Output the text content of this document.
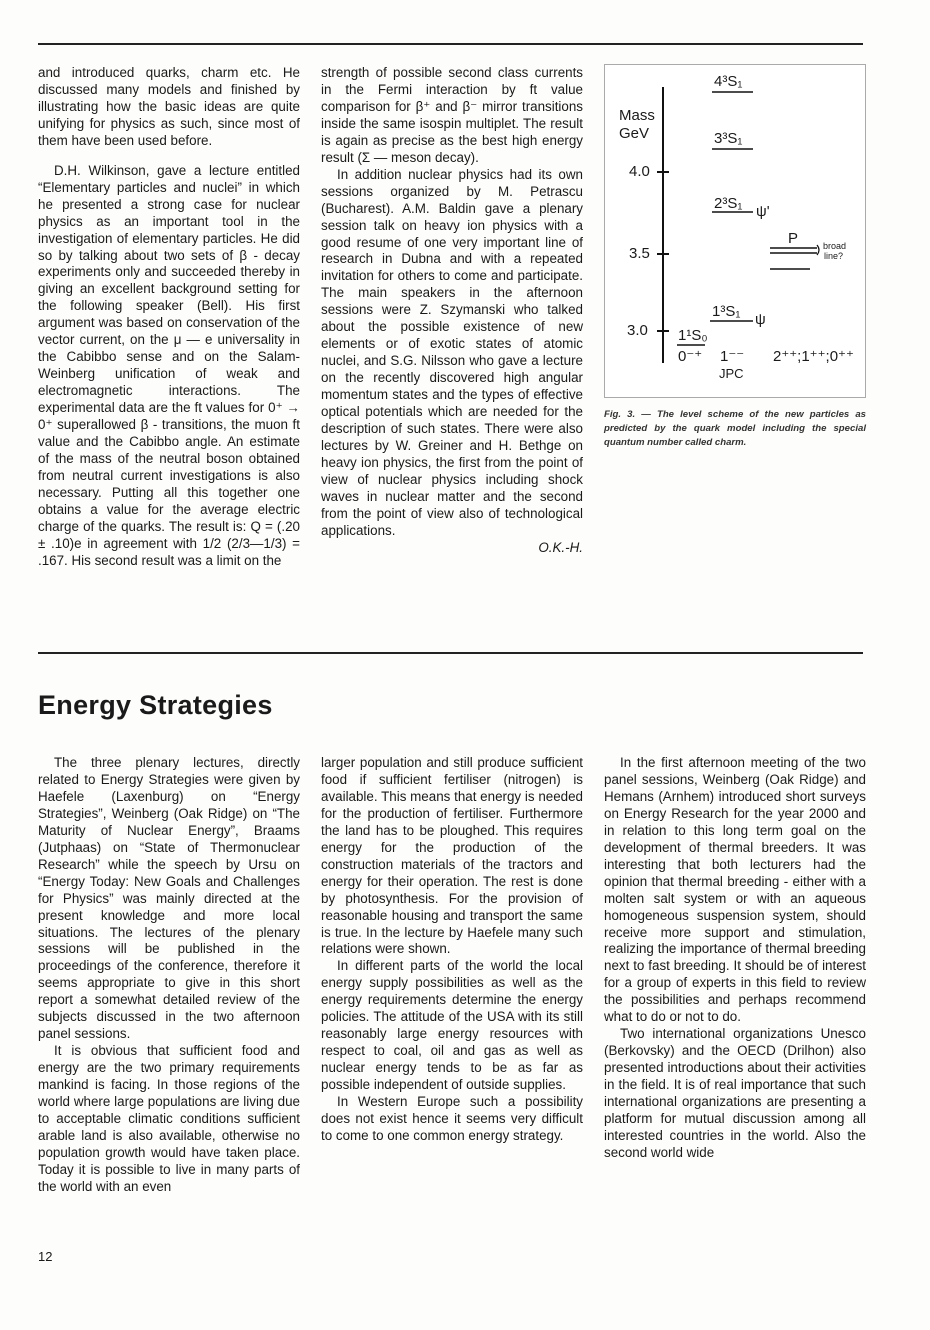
and introduced quarks, charm etc. He discussed many models and finished by illustrating how the basic ideas are quite unifying for physics as such, since most of them have been used before.

D.H. Wilkinson, gave a lecture entitled “Elementary particles and nuclei” in which he presented a strong case for nuclear physics as an important tool in the investigation of elementary particles. He did so by talking about two sets of β - decay experiments only and succeeded thereby in giving an excellent background setting for the following speaker (Bell). His first argument was based on conservation of the vector current, on the μ — e universality in the Cabibbo sense and on the Salam-Weinberg unification of weak and electromagnetic interactions. The experimental data are the ft values for 0⁺ → 0⁺ superallowed β - transitions, the muon ft value and the Cabibbo angle. An estimate of the mass of the neutral boson obtained from neutral current investigations is also necessary. Putting all this together one obtains a value for the average electric charge of the quarks. The result is: Q = (.20 ± .10)e in agreement with 1/2 (2/3—1/3) = .167. His second result was a limit on the

strength of possible second class currents in the Fermi interaction by ft value comparison for β⁺ and β⁻ mirror transitions inside the same isospin multiplet. The result is again as precise as the best high energy result (Σ — meson decay).

In addition nuclear physics had its own sessions organized by M. Petrascu (Bucharest). A.M. Baldin gave a plenary session talk on heavy ion physics with a good resume of one very important line of research in Dubna and with a repeated invitation for others to come and participate. The main speakers in the afternoon sessions were Z. Szymanski who talked about the possible existence of new elements or of exotic states of atomic nuclei, and S.G. Nilsson who gave a lecture on the recently discovered high angular momentum states and the types of effective optical potentials which are needed for the description of such states. There were also lectures by W. Greiner and H. Bethge on heavy ion physics, the first from the point of view of nuclear physics including shock waves in nuclear matter and the second from the point of view also of technological applications.

O.K.-H.

Mass
GeV
4.0
3.5
3.0
4³S₁
3³S₁
2³S₁ ψ'
P	broad
line?
1³S₁ ψ
1¹S₀
0⁻⁺ 1⁻⁻ 2⁺⁺;1⁺⁺;0⁺⁺
JPC
Fig. 3. — The level scheme of the new particles as predicted by the quark model including the special quantum number called charm.
Energy Strategies

The three plenary lectures, directly related to Energy Strategies were given by Haefele (Laxenburg) on “Energy Strategies”, Weinberg (Oak Ridge) on “The Maturity of Nuclear Energy”, Braams (Jutphaas) on “State of Thermonuclear Research” while the speech by Ursu on “Energy Today: New Goals and Challenges for Physics” was mainly directed at the present knowledge and more local situations. The lectures of the plenary sessions will be published in the proceedings of the conference, therefore it seems appropriate to give in this short report a somewhat detailed review of the subjects discussed in the two afternoon panel sessions.

It is obvious that sufficient food and energy are the two primary requirements mankind is facing. In those regions of the world where large populations are living due to acceptable climatic conditions sufficient arable land is also available, otherwise no population growth would have taken place. Today it is possible to live in many parts of the world with an even

larger population and still produce sufficient food if sufficient fertiliser (nitrogen) is available. This means that energy is needed for the production of fertiliser. Furthermore the land has to be ploughed. This requires energy for the production of the construction materials of the tractors and energy for their operation. The rest is done by photosynthesis. For the provision of reasonable housing and transport the same is true. In the lecture by Haefele many such relations were shown.

In different parts of the world the local energy supply possibilities as well as the energy requirements determine the energy policies. The attitude of the USA with its still reasonably large energy resources with respect to coal, oil and gas as well as nuclear energy tends to be as far as possible independent of outside supplies.

In Western Europe such a possibility does not exist hence it seems very difficult to come to one common energy strategy.

In the first afternoon meeting of the two panel sessions, Weinberg (Oak Ridge) and Hemans (Arnhem) introduced short surveys on Energy Research for the year 2000 and in relation to this long term goal on the development of thermal breeders. It was interesting that both lecturers had the opinion that thermal breeding - either with a molten salt system or with an aqueous homogeneous suspension system, should receive more support and stimulation, realizing the importance of thermal breeding next to fast breeding. It should be of interest for a group of experts in this field to review the possibilities and perhaps recommend what to do or not to do.

Two international organizations Unesco (Berkovsky) and the OECD (Drilhon) also presented introductions about their activities in the field. It is of real importance that such international organizations are presenting a platform for mutual discussion among all interested countries in the world. Also the second world wide

12
